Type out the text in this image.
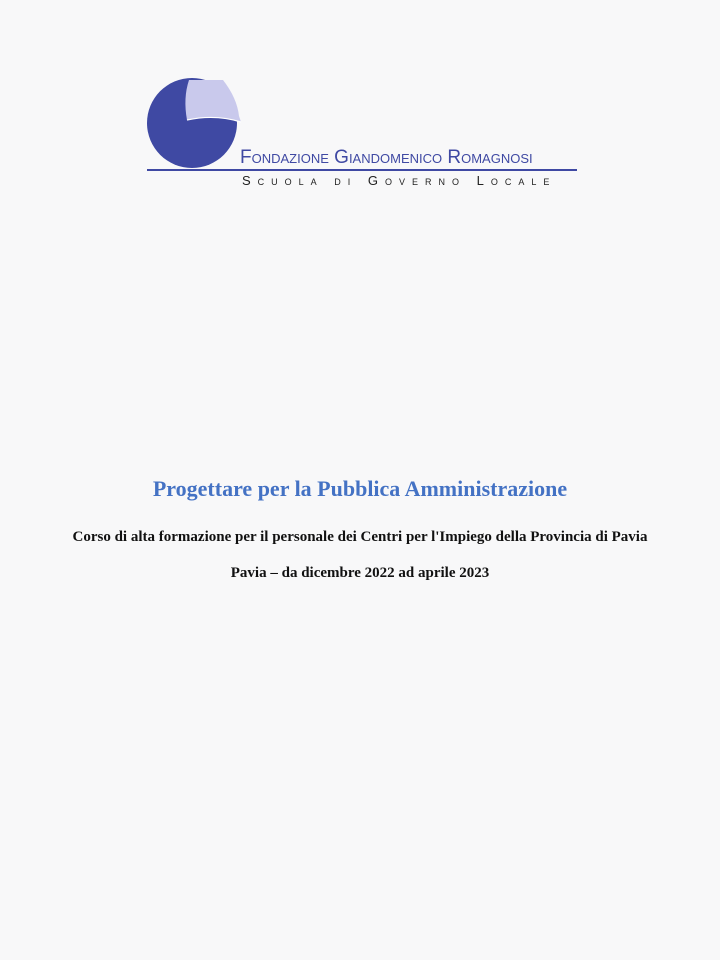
Fondazione Giandomenico Romagnosi
Scuola di Governo Locale
Progettare per la Pubblica Amministrazione
Corso di alta formazione per il personale dei Centri per l'Impiego della Provincia di Pavia
Pavia – da dicembre 2022 ad aprile 2023
